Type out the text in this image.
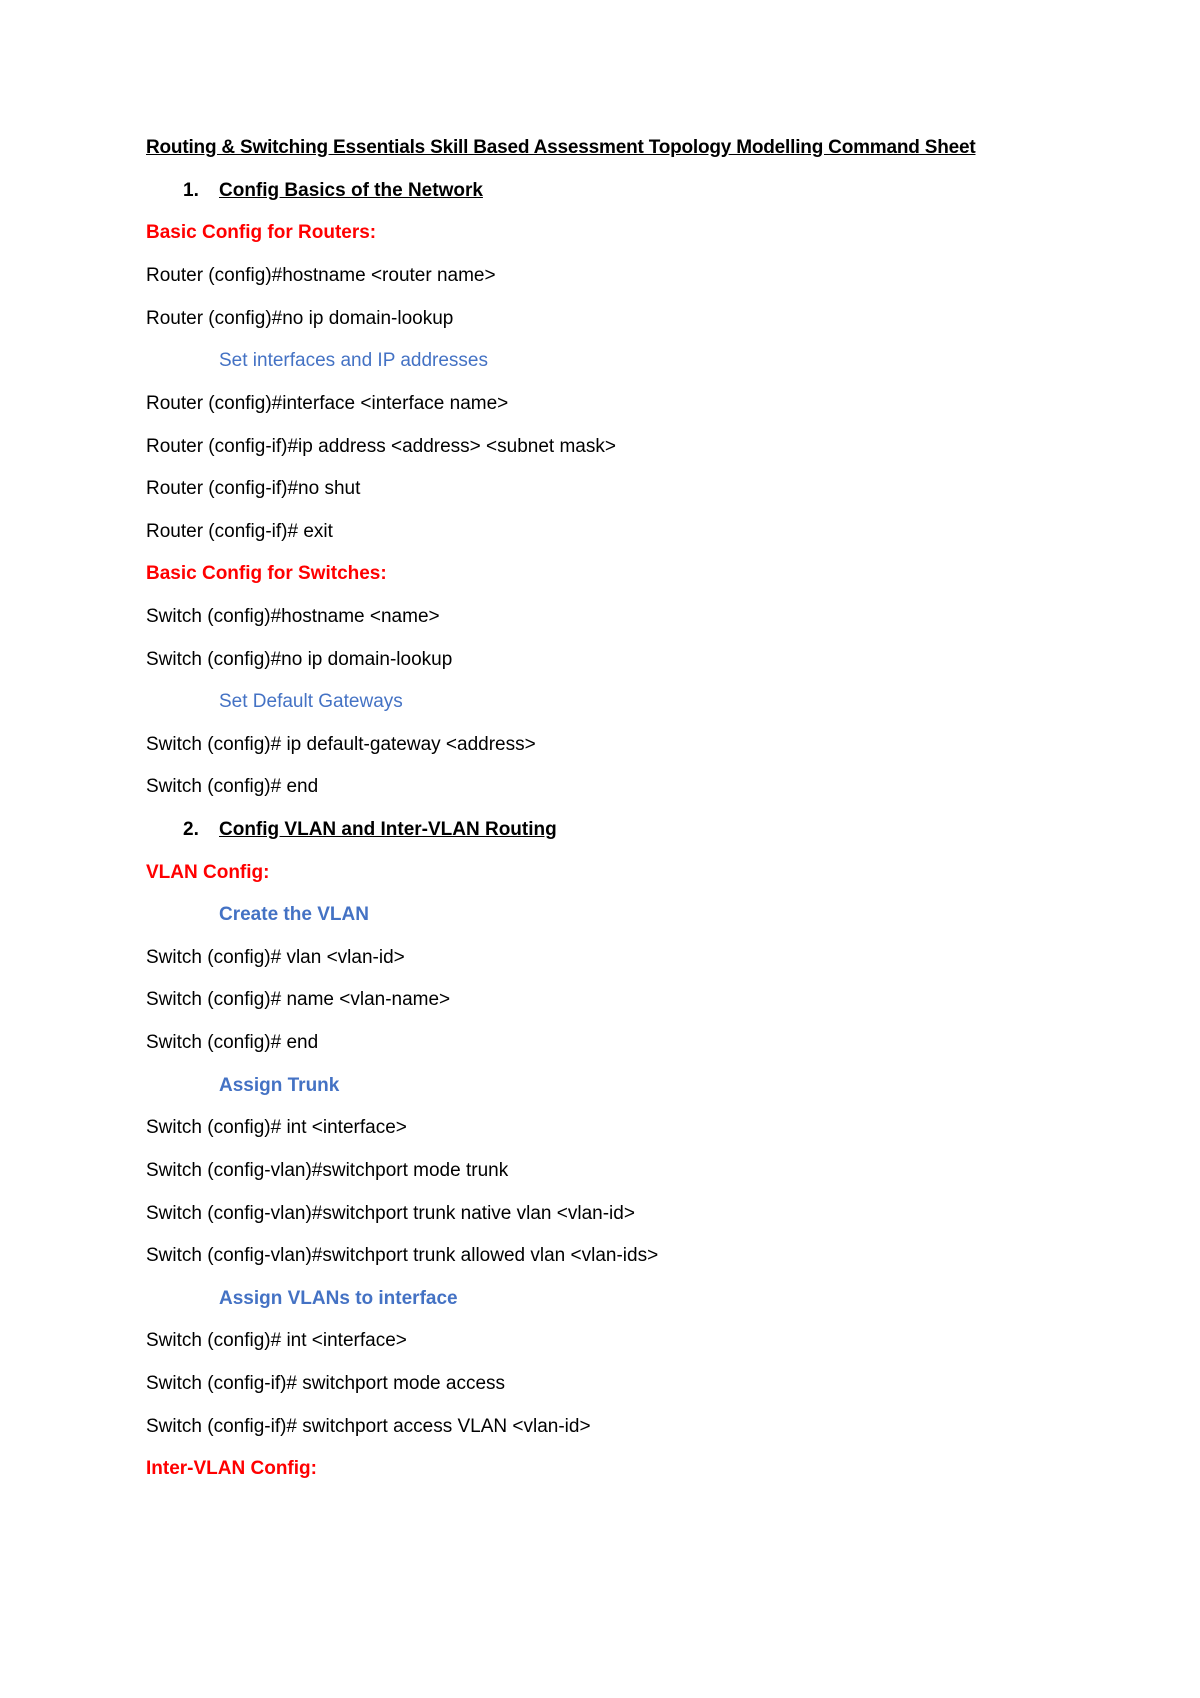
Routing & Switching Essentials Skill Based Assessment Topology Modelling Command Sheet
1. Config Basics of the Network
Basic Config for Routers:
Router (config)#hostname <router name>
Router (config)#no ip domain-lookup
Set interfaces and IP addresses
Router (config)#interface <interface name>
Router (config-if)#ip address <address> <subnet mask>
Router (config-if)#no shut
Router (config-if)# exit
Basic Config for Switches:
Switch (config)#hostname <name>
Switch (config)#no ip domain-lookup
Set Default Gateways
Switch (config)# ip default-gateway <address>
Switch (config)# end
2. Config VLAN and Inter-VLAN Routing
VLAN Config:
Create the VLAN
Switch (config)# vlan <vlan-id>
Switch (config)# name <vlan-name>
Switch (config)# end
Assign Trunk
Switch (config)# int <interface>
Switch (config-vlan)#switchport mode trunk
Switch (config-vlan)#switchport trunk native vlan <vlan-id>
Switch (config-vlan)#switchport trunk allowed vlan <vlan-ids>
Assign VLANs to interface
Switch (config)# int <interface>
Switch (config-if)# switchport mode access
Switch (config-if)# switchport access VLAN <vlan-id>
Inter-VLAN Config:
